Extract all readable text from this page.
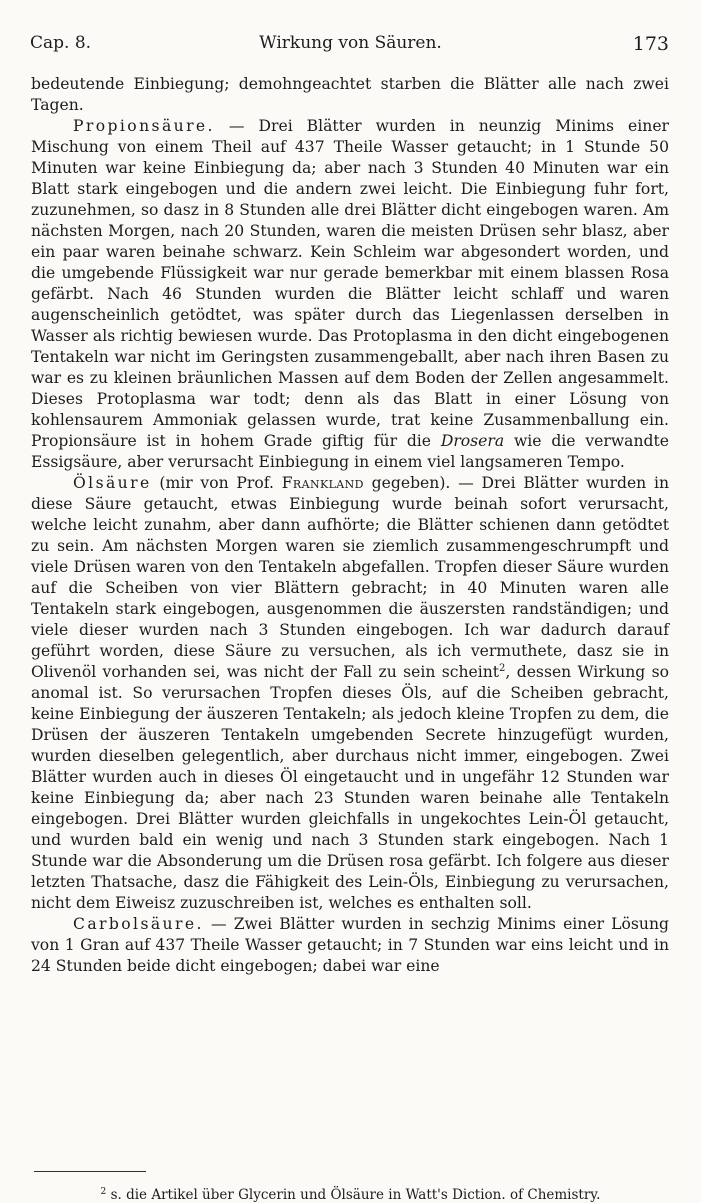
Cap. 8.	Wirkung von Säuren.	173

bedeutende Einbiegung; demohngeachtet starben die Blätter alle nach zwei Tagen.

Propionsäure. — Drei Blätter wurden in neunzig Minims einer Mischung von einem Theil auf 437 Theile Wasser getaucht; in 1 Stunde 50 Minuten war keine Einbiegung da; aber nach 3 Stunden 40 Minuten war ein Blatt stark eingebogen und die andern zwei leicht. Die Einbiegung fuhr fort, zuzunehmen, so dasz in 8 Stunden alle drei Blätter dicht eingebogen waren. Am nächsten Morgen, nach 20 Stunden, waren die meisten Drüsen sehr blasz, aber ein paar waren beinahe schwarz. Kein Schleim war abgesondert worden, und die umgebende Flüssigkeit war nur gerade bemerkbar mit einem blassen Rosa gefärbt. Nach 46 Stunden wurden die Blätter leicht schlaff und waren augenscheinlich getödtet, was später durch das Liegenlassen derselben in Wasser als richtig bewiesen wurde. Das Protoplasma in den dicht eingebogenen Tentakeln war nicht im Geringsten zusammengeballt, aber nach ihren Basen zu war es zu kleinen bräunlichen Massen auf dem Boden der Zellen angesammelt. Dieses Protoplasma war todt; denn als das Blatt in einer Lösung von kohlensaurem Ammoniak gelassen wurde, trat keine Zusammenballung ein. Propionsäure ist in hohem Grade giftig für die Drosera wie die verwandte Essigsäure, aber verursacht Einbiegung in einem viel langsameren Tempo.

Ölsäure (mir von Prof. Frankland gegeben). — Drei Blätter wurden in diese Säure getaucht, etwas Einbiegung wurde beinah sofort verursacht, welche leicht zunahm, aber dann aufhörte; die Blätter schienen dann getödtet zu sein. Am nächsten Morgen waren sie ziemlich zusammengeschrumpft und viele Drüsen waren von den Tentakeln abgefallen. Tropfen dieser Säure wurden auf die Scheiben von vier Blättern gebracht; in 40 Minuten waren alle Tentakeln stark eingebogen, ausgenommen die äuszersten randständigen; und viele dieser wurden nach 3 Stunden eingebogen. Ich war dadurch darauf geführt worden, diese Säure zu versuchen, als ich vermuthete, dasz sie in Olivenöl vorhanden sei, was nicht der Fall zu sein scheint$^2$, dessen Wirkung so anomal ist. So verursachen Tropfen dieses Öls, auf die Scheiben gebracht, keine Einbiegung der äuszeren Tentakeln; als jedoch kleine Tropfen zu dem, die Drüsen der äuszeren Tentakeln umgebenden Secrete hinzugefügt wurden, wurden dieselben gelegentlich, aber durchaus nicht immer, eingebogen. Zwei Blätter wurden auch in dieses Öl eingetaucht und in ungefähr 12 Stunden war keine Einbiegung da; aber nach 23 Stunden waren beinahe alle Tentakeln eingebogen. Drei Blätter wurden gleichfalls in ungekochtes Lein-Öl getaucht, und wurden bald ein wenig und nach 3 Stunden stark eingebogen. Nach 1 Stunde war die Absonderung um die Drüsen rosa gefärbt. Ich folgere aus dieser letzten Thatsache, dasz die Fähigkeit des Lein-Öls, Einbiegung zu verursachen, nicht dem Eiweisz zuzuschreiben ist, welches es enthalten soll.

Carbolsäure. — Zwei Blätter wurden in sechzig Minims einer Lösung von 1 Gran auf 437 Theile Wasser getaucht; in 7 Stunden war eins leicht und in 24 Stunden beide dicht eingebogen; dabei war eine

$^2$ s. die Artikel über Glycerin und Ölsäure in Watt's Diction. of Chemistry.
